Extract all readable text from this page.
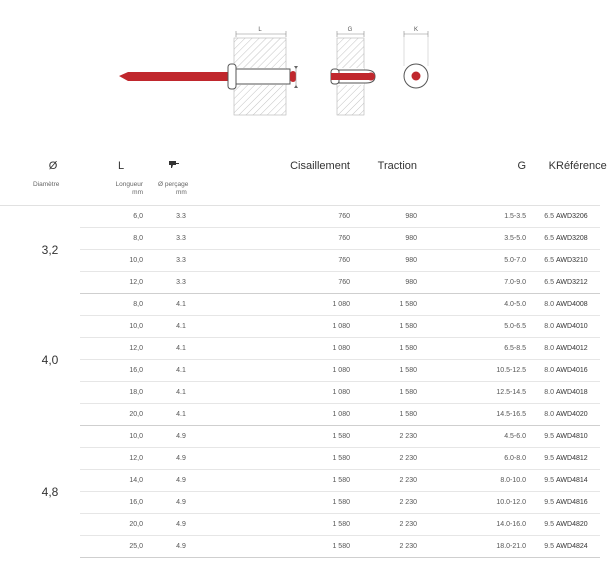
L	G	K
Ø	L		Cisaillement	Traction	G	K	Référence
Diamètre	Longueur
mm	Ø perçage
mm					
3,2	6,0	3.3	760	980	1.5-3.5	6.5	AWD3206
	8,0	3.3	760	980	3.5-5.0	6.5	AWD3208
	10,0	3.3	760	980	5.0-7.0	6.5	AWD3210
	12,0	3.3	760	980	7.0-9.0	6.5	AWD3212
4,0	8,0	4.1	1 080	1 580	4.0-5.0	8.0	AWD4008
	10,0	4.1	1 080	1 580	5.0-6.5	8.0	AWD4010
	12,0	4.1	1 080	1 580	6.5-8.5	8.0	AWD4012
	16,0	4.1	1 080	1 580	10.5-12.5	8.0	AWD4016
	18,0	4.1	1 080	1 580	12.5-14.5	8.0	AWD4018
	20,0	4.1	1 080	1 580	14.5-16.5	8.0	AWD4020
4,8	10,0	4.9	1 580	2 230	4.5-6.0	9.5	AWD4810
	12,0	4.9	1 580	2 230	6.0-8.0	9.5	AWD4812
	14,0	4.9	1 580	2 230	8.0-10.0	9.5	AWD4814
	16,0	4.9	1 580	2 230	10.0-12.0	9.5	AWD4816
	20,0	4.9	1 580	2 230	14.0-16.0	9.5	AWD4820
	25,0	4.9	1 580	2 230	18.0-21.0	9.5	AWD4824
